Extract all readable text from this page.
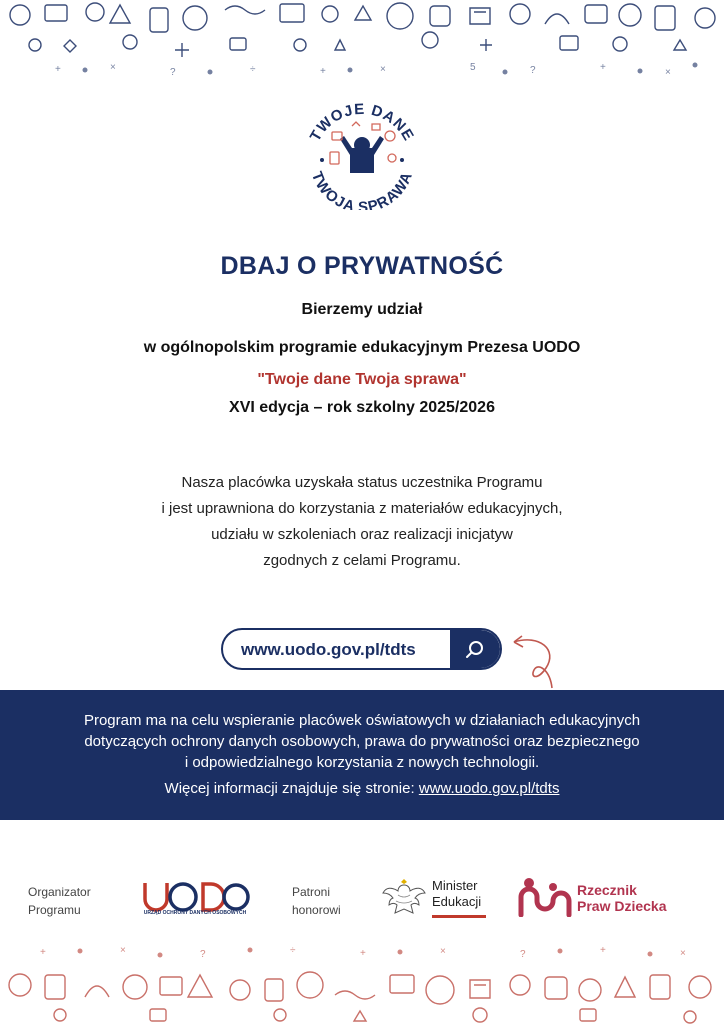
+	×	?	÷	+	×	5	?	+	×
TWOJE DANE
TWOJA SPRAWA
DBAJ O PRYWATNOŚĆ
Bierzemy udział
w ogólnopolskim programie edukacyjnym Prezesa UODO
"Twoje dane Twoja sprawa"
XVI edycja – rok szkolny 2025/2026
Nasza placówka uzyskała status uczestnika Programu
i jest uprawniona do korzystania z materiałów edukacyjnych,
udziału w szkoleniach oraz realizacji inicjatyw
zgodnych z celami Programu.
www.uodo.gov.pl/tdts
Program ma na celu wspieranie placówek oświatowych w działaniach edukacyjnych
dotyczących ochrony danych osobowych, prawa do prywatności oraz bezpiecznego
i odpowiedzialnego korzystania z nowych technologii.
Więcej informacji znajduje się stronie: www.uodo.gov.pl/tdts
Organizator
Programu	URZĄD OCHRONY DANYCH OSOBOWYCH
Patroni
honorowi
Minister
Edukacji
Rzecznik
Praw Dziecka
+	×	?	÷	+	×	?	+	×
